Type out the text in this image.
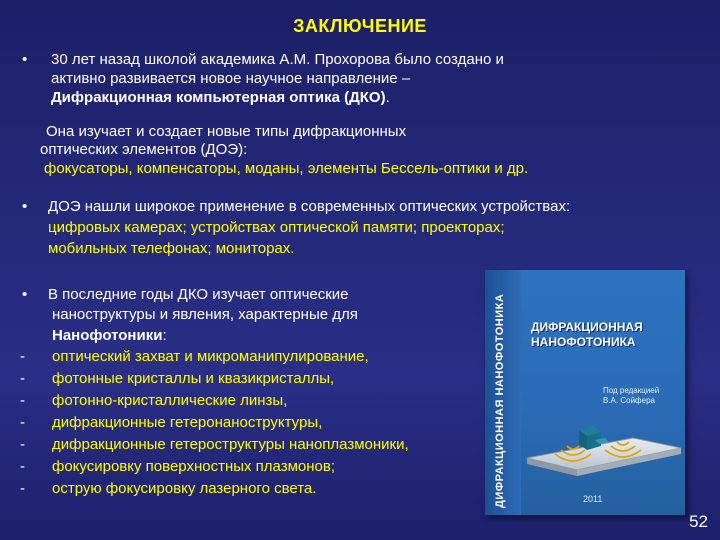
ЗАКЛЮЧЕНИЕ
• 30 лет назад школой академика А.М. Прохорова было создано и
активно развивается новое научное направление –
Дифракционная компьютерная оптика (ДКО).
Она изучает и создает новые типы дифракционных
оптических элементов (ДОЭ):
фокусаторы, компенсаторы, моданы, элементы Бессель-оптики и др.
• ДОЭ нашли широкое применение в современных оптических устройствах:
цифровых камерах; устройствах оптической памяти; проекторах;
мобильных телефонах; мониторах.
• В последние годы ДКО изучает оптические
наноструктуры и явления, характерные для
Нанофотоники:
- оптический захват и микроманипулирование,
- фотонные кристаллы и квазикристаллы,
- фотонно-кристаллические линзы,
- дифракционные гетеронаноструктуры,
- дифракционные гетероструктуры наноплазмоники,
- фокусировку поверхностных плазмонов;
- острую фокусировку лазерного света.	ДИФРАКЦИОННАЯ НАНОФОТОНИКА ДИФРАКЦИОННАЯ
НАНОФОТОНИКА
Под редакцией
В.А. Сойфера
2011
52
